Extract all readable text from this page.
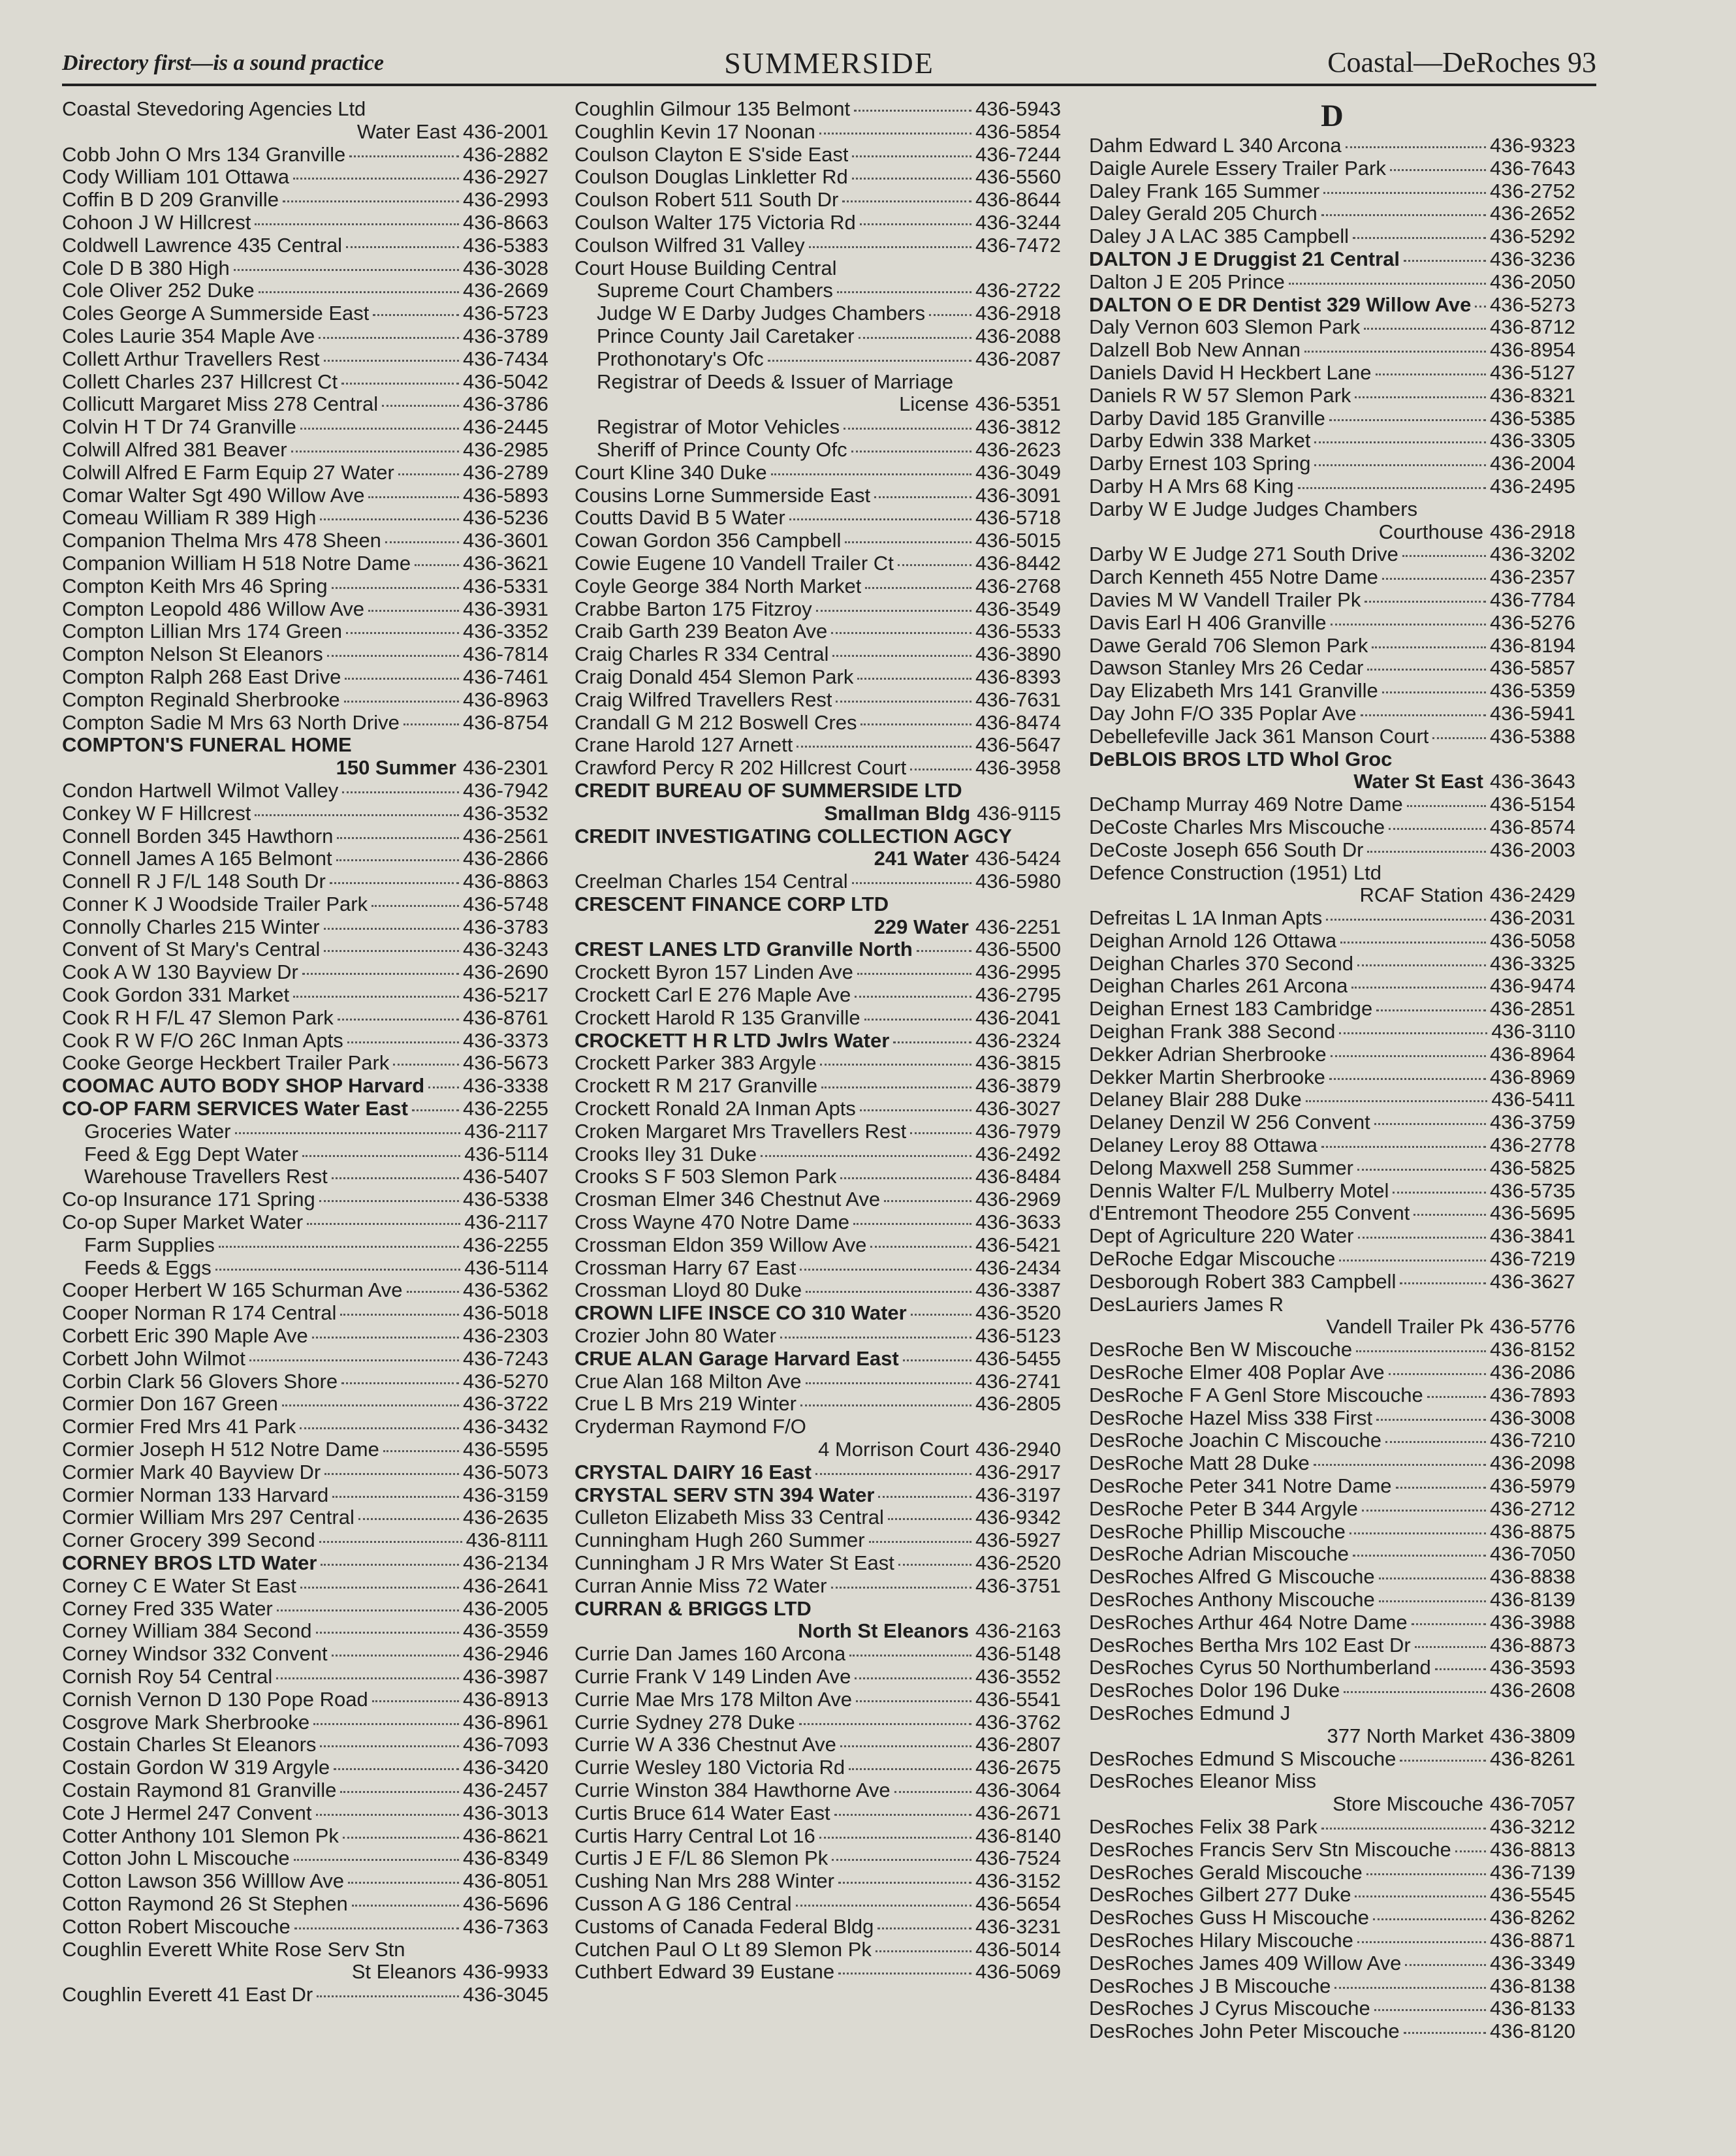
Directory first—is a sound practice	SUMMERSIDE	Coastal—DeRoches 93
Coastal Stevedoring Agencies Ltd
Water East 436-2001
Cobb John O Mrs 134 Granville	436-2882
Cody William 101 Ottawa	436-2927
Coffin B D 209 Granville	436-2993
Cohoon J W Hillcrest	436-8663
Coldwell Lawrence 435 Central	436-5383
Cole D B 380 High	436-3028
Cole Oliver 252 Duke	436-2669
Coles George A Summerside East	436-5723
Coles Laurie 354 Maple Ave	436-3789
Collett Arthur Travellers Rest	436-7434
Collett Charles 237 Hillcrest Ct	436-5042
Collicutt Margaret Miss 278 Central	436-3786
Colvin H T Dr 74 Granville	436-2445
Colwill Alfred 381 Beaver	436-2985
Colwill Alfred E Farm Equip 27 Water	436-2789
Comar Walter Sgt 490 Willow Ave	436-5893
Comeau William R 389 High	436-5236
Companion Thelma Mrs 478 Sheen	436-3601
Companion William H 518 Notre Dame	436-3621
Compton Keith Mrs 46 Spring	436-5331
Compton Leopold 486 Willow Ave	436-3931
Compton Lillian Mrs 174 Green	436-3352
Compton Nelson St Eleanors	436-7814
Compton Ralph 268 East Drive	436-7461
Compton Reginald Sherbrooke	436-8963
Compton Sadie M Mrs 63 North Drive	436-8754
COMPTON'S FUNERAL HOME
150 Summer 436-2301
Condon Hartwell Wilmot Valley	436-7942
Conkey W F Hillcrest	436-3532
Connell Borden 345 Hawthorn	436-2561
Connell James A 165 Belmont	436-2866
Connell R J F/L 148 South Dr	436-8863
Conner K J Woodside Trailer Park	436-5748
Connolly Charles 215 Winter	436-3783
Convent of St Mary's Central	436-3243
Cook A W 130 Bayview Dr	436-2690
Cook Gordon 331 Market	436-5217
Cook R H F/L 47 Slemon Park	436-8761
Cook R W F/O 26C Inman Apts	436-3373
Cooke George Heckbert Trailer Park	436-5673
COOMAC AUTO BODY SHOP Harvard 436-3338
CO-OP FARM SERVICES Water East	436-2255
Groceries Water	436-2117
Feed & Egg Dept Water	436-5114
Warehouse Travellers Rest	436-5407
Co-op Insurance 171 Spring	436-5338
Co-op Super Market Water	436-2117
Farm Supplies	436-2255
Feeds & Eggs	436-5114
Cooper Herbert W 165 Schurman Ave	436-5362
Cooper Norman R 174 Central	436-5018
Corbett Eric 390 Maple Ave	436-2303
Corbett John Wilmot	436-7243
Corbin Clark 56 Glovers Shore	436-5270
Cormier Don 167 Green	436-3722
Cormier Fred Mrs 41 Park	436-3432
Cormier Joseph H 512 Notre Dame	436-5595
Cormier Mark 40 Bayview Dr	436-5073
Cormier Norman 133 Harvard	436-3159
Cormier William Mrs 297 Central	436-2635
Corner Grocery 399 Second	436-8111
CORNEY BROS LTD Water	436-2134
Corney C E Water St East	436-2641
Corney Fred 335 Water	436-2005
Corney William 384 Second	436-3559
Corney Windsor 332 Convent	436-2946
Cornish Roy 54 Central	436-3987
Cornish Vernon D 130 Pope Road	436-8913
Cosgrove Mark Sherbrooke	436-8961
Costain Charles St Eleanors	436-7093
Costain Gordon W 319 Argyle	436-3420
Costain Raymond 81 Granville	436-2457
Cote J Hermel 247 Convent	436-3013
Cotter Anthony 101 Slemon Pk	436-8621
Cotton John L Miscouche	436-8349
Cotton Lawson 356 Willlow Ave	436-8051
Cotton Raymond 26 St Stephen	436-5696
Cotton Robert Miscouche	436-7363
Coughlin Everett White Rose Serv Stn
St Eleanors 436-9933
Coughlin Everett 41 East Dr	436-3045
Coughlin Gilmour 135 Belmont	436-5943
Coughlin Kevin 17 Noonan	436-5854
Coulson Clayton E S'side East	436-7244
Coulson Douglas Linkletter Rd	436-5560
Coulson Robert 511 South Dr	436-8644
Coulson Walter 175 Victoria Rd	436-3244
Coulson Wilfred 31 Valley	436-7472
Court House Building Central
Supreme Court Chambers	436-2722
Judge W E Darby Judges Chambers 436-2918
Prince County Jail Caretaker	436-2088
Prothonotary's Ofc	436-2087
Registrar of Deeds & Issuer of Marriage
License 436-5351
Registrar of Motor Vehicles	436-3812
Sheriff of Prince County Ofc	436-2623
Court Kline 340 Duke	436-3049
Cousins Lorne Summerside East	436-3091
Coutts David B 5 Water	436-5718
Cowan Gordon 356 Campbell	436-5015
Cowie Eugene 10 Vandell Trailer Ct	436-8442
Coyle George 384 North Market	436-2768
Crabbe Barton 175 Fitzroy	436-3549
Craib Garth 239 Beaton Ave	436-5533
Craig Charles R 334 Central	436-3890
Craig Donald 454 Slemon Park	436-8393
Craig Wilfred Travellers Rest	436-7631
Crandall G M 212 Boswell Cres	436-8474
Crane Harold 127 Arnett	436-5647
Crawford Percy R 202 Hillcrest Court	436-3958
CREDIT BUREAU OF SUMMERSIDE LTD
Smallman Bldg 436-9115
CREDIT INVESTIGATING COLLECTION AGCY
241 Water 436-5424
Creelman Charles 154 Central	436-5980
CRESCENT FINANCE CORP LTD
229 Water 436-2251
CREST LANES LTD Granville North	436-5500
Crockett Byron 157 Linden Ave	436-2995
Crockett Carl E 276 Maple Ave	436-2795
Crockett Harold R 135 Granville	436-2041
CROCKETT H R LTD Jwlrs Water	436-2324
Crockett Parker 383 Argyle	436-3815
Crockett R M 217 Granville	436-3879
Crockett Ronald 2A Inman Apts	436-3027
Croken Margaret Mrs Travellers Rest	436-7979
Crooks Iley 31 Duke	436-2492
Crooks S F 503 Slemon Park	436-8484
Crosman Elmer 346 Chestnut Ave	436-2969
Cross Wayne 470 Notre Dame	436-3633
Crossman Eldon 359 Willow Ave	436-5421
Crossman Harry 67 East	436-2434
Crossman Lloyd 80 Duke	436-3387
CROWN LIFE INSCE CO 310 Water	436-3520
Crozier John 80 Water	436-5123
CRUE ALAN Garage Harvard East	436-5455
Crue Alan 168 Milton Ave	436-2741
Crue L B Mrs 219 Winter	436-2805
Cryderman Raymond F/O
4 Morrison Court 436-2940
CRYSTAL DAIRY 16 East	436-2917
CRYSTAL SERV STN 394 Water	436-3197
Culleton Elizabeth Miss 33 Central	436-9342
Cunningham Hugh 260 Summer	436-5927
Cunningham J R Mrs Water St East	436-2520
Curran Annie Miss 72 Water	436-3751
CURRAN & BRIGGS LTD
North St Eleanors 436-2163
Currie Dan James 160 Arcona	436-5148
Currie Frank V 149 Linden Ave	436-3552
Currie Mae Mrs 178 Milton Ave	436-5541
Currie Sydney 278 Duke	436-3762
Currie W A 336 Chestnut Ave	436-2807
Currie Wesley 180 Victoria Rd	436-2675
Currie Winston 384 Hawthorne Ave	436-3064
Curtis Bruce 614 Water East	436-2671
Curtis Harry Central Lot 16	436-8140
Curtis J E F/L 86 Slemon Pk	436-7524
Cushing Nan Mrs 288 Winter	436-3152
Cusson A G 186 Central	436-5654
Customs of Canada Federal Bldg	436-3231
Cutchen Paul O Lt 89 Slemon Pk	436-5014
Cuthbert Edward 39 Eustane	436-5069
D
Dahm Edward L 340 Arcona	436-9323
Daigle Aurele Essery Trailer Park	436-7643
Daley Frank 165 Summer	436-2752
Daley Gerald 205 Church	436-2652
Daley J A LAC 385 Campbell	436-5292
DALTON J E Druggist 21 Central	436-3236
Dalton J E 205 Prince	436-2050
DALTON O E DR Dentist 329 Willow Ave 436-5273
Daly Vernon 603 Slemon Park	436-8712
Dalzell Bob New Annan	436-8954
Daniels David H Heckbert Lane	436-5127
Daniels R W 57 Slemon Park	436-8321
Darby David 185 Granville	436-5385
Darby Edwin 338 Market	436-3305
Darby Ernest 103 Spring	436-2004
Darby H A Mrs 68 King	436-2495
Darby W E Judge Judges Chambers
Courthouse 436-2918
Darby W E Judge 271 South Drive	436-3202
Darch Kenneth 455 Notre Dame	436-2357
Davies M W Vandell Trailer Pk	436-7784
Davis Earl H 406 Granville	436-5276
Dawe Gerald 706 Slemon Park	436-8194
Dawson Stanley Mrs 26 Cedar	436-5857
Day Elizabeth Mrs 141 Granville	436-5359
Day John F/O 335 Poplar Ave	436-5941
Debellefeville Jack 361 Manson Court	436-5388
DeBLOIS BROS LTD Whol Groc
Water St East 436-3643
DeChamp Murray 469 Notre Dame	436-5154
DeCoste Charles Mrs Miscouche	436-8574
DeCoste Joseph 656 South Dr	436-2003
Defence Construction (1951) Ltd
RCAF Station 436-2429
Defreitas L 1A Inman Apts	436-2031
Deighan Arnold 126 Ottawa	436-5058
Deighan Charles 370 Second	436-3325
Deighan Charles 261 Arcona	436-9474
Deighan Ernest 183 Cambridge	436-2851
Deighan Frank 388 Second	436-3110
Dekker Adrian Sherbrooke	436-8964
Dekker Martin Sherbrooke	436-8969
Delaney Blair 288 Duke	436-5411
Delaney Denzil W 256 Convent	436-3759
Delaney Leroy 88 Ottawa	436-2778
Delong Maxwell 258 Summer	436-5825
Dennis Walter F/L Mulberry Motel	436-5735
d'Entremont Theodore 255 Convent	436-5695
Dept of Agriculture 220 Water	436-3841
DeRoche Edgar Miscouche	436-7219
Desborough Robert 383 Campbell	436-3627
DesLauriers James R
Vandell Trailer Pk 436-5776
DesRoche Ben W Miscouche	436-8152
DesRoche Elmer 408 Poplar Ave	436-2086
DesRoche F A Genl Store Miscouche	436-7893
DesRoche Hazel Miss 338 First	436-3008
DesRoche Joachin C Miscouche	436-7210
DesRoche Matt 28 Duke	436-2098
DesRoche Peter 341 Notre Dame	436-5979
DesRoche Peter B 344 Argyle	436-2712
DesRoche Phillip Miscouche	436-8875
DesRoche Adrian Miscouche	436-7050
DesRoches Alfred G Miscouche	436-8838
DesRoches Anthony Miscouche	436-8139
DesRoches Arthur 464 Notre Dame	436-3988
DesRoches Bertha Mrs 102 East Dr	436-8873
DesRoches Cyrus 50 Northumberland	436-3593
DesRoches Dolor 196 Duke	436-2608
DesRoches Edmund J
377 North Market 436-3809
DesRoches Edmund S Miscouche	436-8261
DesRoches Eleanor Miss
Store Miscouche 436-7057
DesRoches Felix 38 Park	436-3212
DesRoches Francis Serv Stn Miscouche 436-8813
DesRoches Gerald Miscouche	436-7139
DesRoches Gilbert 277 Duke	436-5545
DesRoches Guss H Miscouche	436-8262
DesRoches Hilary Miscouche	436-8871
DesRoches James 409 Willow Ave	436-3349
DesRoches J B Miscouche	436-8138
DesRoches J Cyrus Miscouche	436-8133
DesRoches John Peter Miscouche	436-8120
